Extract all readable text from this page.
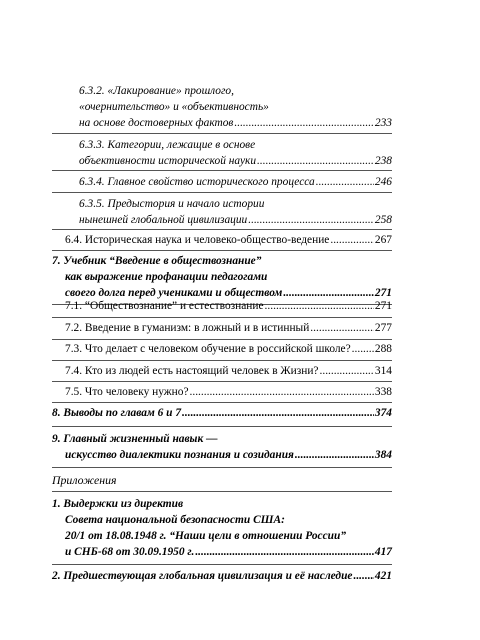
6.3.2. «Лакирование» прошлого,
«очернительство» и «объективность»
на основе достоверных фактов .....	233
6.3.3. Категории, лежащие в основе
объективности исторической науки .....	238
6.3.4. Главное свойство исторического процесса .....	246
6.3.5. Предыстория и начало истории
нынешней глобальной цивилизации .....	258
6.4. Историческая наука и человеко-общество-ведение .....	267
7. Учебник “Введение в обществознание”
как выражение профанации педагогами
своего долга перед учениками и обществом .....	271
7.1. “Обществознание” и естествознание .....	271
7.2. Введение в гуманизм: в ложный и в истинный .....	277
7.3. Что делает с человеком обучение в российской школе? ..... 288
7.4. Кто из людей есть настоящий человек в Жизни? .....	314
7.5. Что человеку нужно? .....	338
8. Выводы по главам 6 и 7 .....	374
9. Главный жизненный навык —
искусство диалектики познания и созидания .....	384
Приложения
1. Выдержки из директив
Совета национальной безопасности США:
20/1 от 18.08.1948 г. “Наши цели в отношении России”
и СНБ-68 от 30.09.1950 г. .....	417
2. Предшествующая глобальная цивилизация и её наследие ..... 421
